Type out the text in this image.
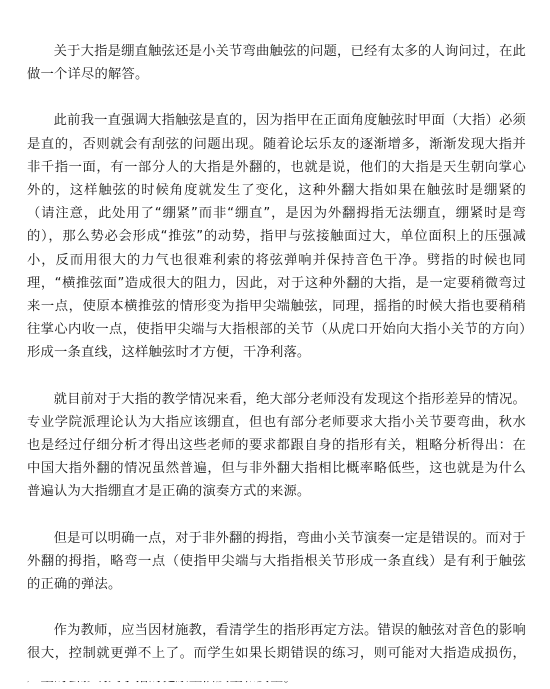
关于大指是绷直触弦还是小关节弯曲触弦的问题，已经有太多的人询问过，在此做一个详尽的解答。

此前我一直强调大指触弦是直的，因为指甲在正面角度触弦时甲面（大指）必须是直的，否则就会有刮弦的问题出现。随着论坛乐友的逐渐增多，渐渐发现大指并非千指一面，有一部分人的大指是外翻的，也就是说，他们的大指是天生朝向掌心外的，这样触弦的时候角度就发生了变化，这种外翻大指如果在触弦时是绷紧的（请注意，此处用了“绷紧”而非“绷直”，是因为外翻拇指无法绷直，绷紧时是弯的），那么势必会形成“推弦”的动势，指甲与弦接触面过大，单位面积上的压强减小，反而用很大的力气也很难利索的将弦弹响并保持音色干净。劈指的时候也同理，“横推弦面”造成很大的阻力，因此，对于这种外翻的大指，是一定要稍微弯过来一点，使原本横推弦的情形变为指甲尖端触弦，同理，摇指的时候大指也要稍稍往掌心内收一点，使指甲尖端与大指根部的关节（从虎口开始向大指小关节的方向）形成一条直线，这样触弦时才方便，干净利落。

就目前对于大指的教学情况来看，绝大部分老师没有发现这个指形差异的情况。专业学院派理论认为大指应该绷直，但也有部分老师要求大指小关节要弯曲，秋水也是经过仔细分析才得出这些老师的要求都跟自身的指形有关，粗略分析得出：在中国大指外翻的情况虽然普遍，但与非外翻大指相比概率略低些，这也就是为什么普遍认为大指绷直才是正确的演奏方式的来源。

但是可以明确一点，对于非外翻的拇指，弯曲小关节演奏一定是错误的。而对于外翻的拇指，略弯一点（使指甲尖端与大指指根关节形成一条直线）是有利于触弦的正确的弹法。

作为教师，应当因材施教，看清学生的指形再定方法。错误的触弦对音色的影响很大，控制就更弹不上了。而学生如果长期错误的练习，则可能对大指造成损伤，
